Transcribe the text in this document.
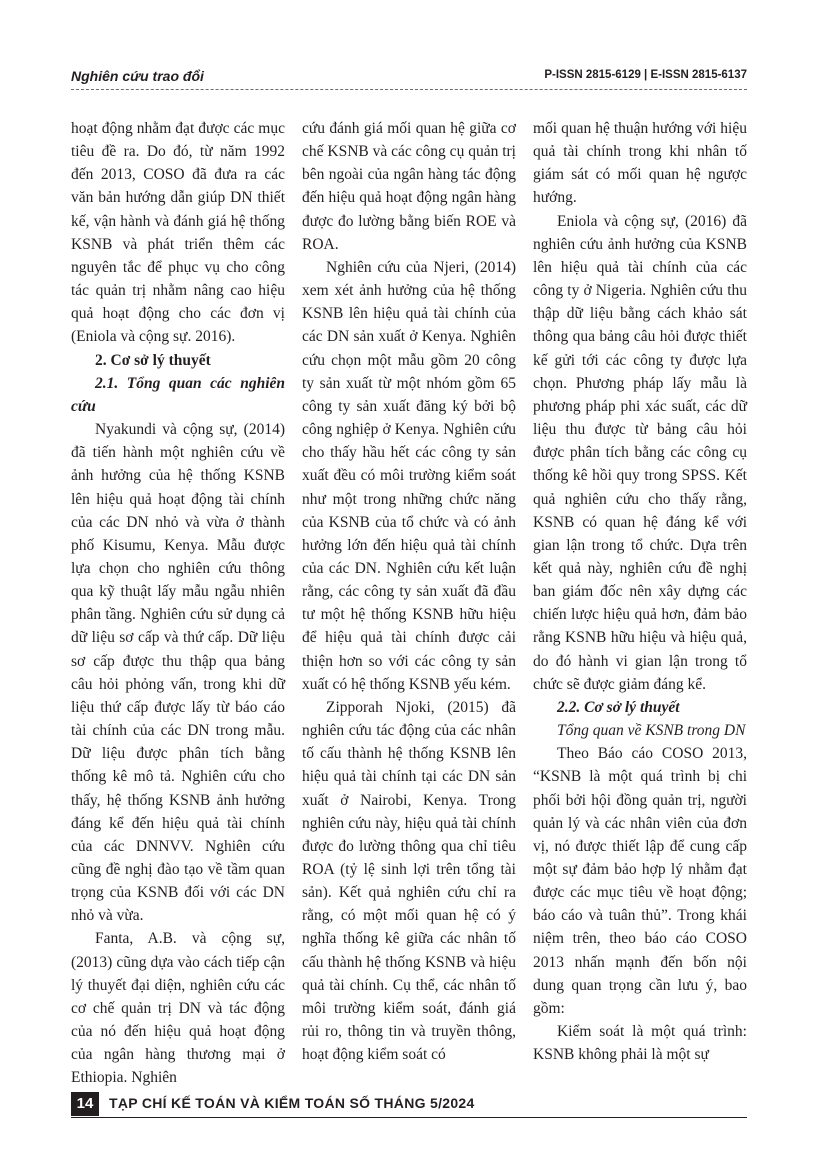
Nghiên cứu trao đổi	P-ISSN 2815-6129 | E-ISSN 2815-6137

hoạt động nhằm đạt được các mục tiêu đề ra. Do đó, từ năm 1992 đến 2013, COSO đã đưa ra các văn bản hướng dẫn giúp DN thiết kế, vận hành và đánh giá hệ thống KSNB và phát triển thêm các nguyên tắc để phục vụ cho công tác quản trị nhằm nâng cao hiệu quả hoạt động cho các đơn vị (Eniola và cộng sự. 2016).

2. Cơ sở lý thuyết

2.1. Tổng quan các nghiên cứu

Nyakundi và cộng sự, (2014) đã tiến hành một nghiên cứu về ảnh hưởng của hệ thống KSNB lên hiệu quả hoạt động tài chính của các DN nhỏ và vừa ở thành phố Kisumu, Kenya. Mẫu được lựa chọn cho nghiên cứu thông qua kỹ thuật lấy mẫu ngẫu nhiên phân tầng. Nghiên cứu sử dụng cả dữ liệu sơ cấp và thứ cấp. Dữ liệu sơ cấp được thu thập qua bảng câu hỏi phỏng vấn, trong khi dữ liệu thứ cấp được lấy từ báo cáo tài chính của các DN trong mẫu. Dữ liệu được phân tích bằng thống kê mô tả. Nghiên cứu cho thấy, hệ thống KSNB ảnh hưởng đáng kể đến hiệu quả tài chính của các DNNVV. Nghiên cứu cũng đề nghị đào tạo về tầm quan trọng của KSNB đối với các DN nhỏ và vừa.

Fanta, A.B. và cộng sự, (2013) cũng dựa vào cách tiếp cận lý thuyết đại diện, nghiên cứu các cơ chế quản trị DN và tác động của nó đến hiệu quả hoạt động của ngân hàng thương mại ở Ethiopia. Nghiên

cứu đánh giá mối quan hệ giữa cơ chế KSNB và các công cụ quản trị bên ngoài của ngân hàng tác động đến hiệu quả hoạt động ngân hàng được đo lường bằng biến ROE và ROA.

Nghiên cứu của Njeri, (2014) xem xét ảnh hưởng của hệ thống KSNB lên hiệu quả tài chính của các DN sản xuất ở Kenya. Nghiên cứu chọn một mẫu gồm 20 công ty sản xuất từ một nhóm gồm 65 công ty sản xuất đăng ký bởi bộ công nghiệp ở Kenya. Nghiên cứu cho thấy hầu hết các công ty sản xuất đều có môi trường kiểm soát như một trong những chức năng của KSNB của tổ chức và có ảnh hưởng lớn đến hiệu quả tài chính của các DN. Nghiên cứu kết luận rằng, các công ty sản xuất đã đầu tư một hệ thống KSNB hữu hiệu để hiệu quả tài chính được cải thiện hơn so với các công ty sản xuất có hệ thống KSNB yếu kém.

Zipporah Njoki, (2015) đã nghiên cứu tác động của các nhân tố cấu thành hệ thống KSNB lên hiệu quả tài chính tại các DN sản xuất ở Nairobi, Kenya. Trong nghiên cứu này, hiệu quả tài chính được đo lường thông qua chỉ tiêu ROA (tỷ lệ sinh lợi trên tổng tài sản). Kết quả nghiên cứu chỉ ra rằng, có một mối quan hệ có ý nghĩa thống kê giữa các nhân tố cấu thành hệ thống KSNB và hiệu quả tài chính. Cụ thể, các nhân tố môi trường kiểm soát, đánh giá rủi ro, thông tin và truyền thông, hoạt động kiểm soát có

mối quan hệ thuận hướng với hiệu quả tài chính trong khi nhân tố giám sát có mối quan hệ ngược hướng.

Eniola và cộng sự, (2016) đã nghiên cứu ảnh hưởng của KSNB lên hiệu quả tài chính của các công ty ở Nigeria. Nghiên cứu thu thập dữ liệu bằng cách khảo sát thông qua bảng câu hỏi được thiết kế gửi tới các công ty được lựa chọn. Phương pháp lấy mẫu là phương pháp phi xác suất, các dữ liệu thu được từ bảng câu hỏi được phân tích bằng các công cụ thống kê hồi quy trong SPSS. Kết quả nghiên cứu cho thấy rằng, KSNB có quan hệ đáng kể với gian lận trong tổ chức. Dựa trên kết quả này, nghiên cứu đề nghị ban giám đốc nên xây dựng các chiến lược hiệu quả hơn, đảm bảo rằng KSNB hữu hiệu và hiệu quả, do đó hành vi gian lận trong tổ chức sẽ được giảm đáng kể.

2.2. Cơ sở lý thuyết

Tổng quan về KSNB trong DN

Theo Báo cáo COSO 2013, “KSNB là một quá trình bị chi phối bởi hội đồng quản trị, người quản lý và các nhân viên của đơn vị, nó được thiết lập để cung cấp một sự đảm bảo hợp lý nhằm đạt được các mục tiêu về hoạt động; báo cáo và tuân thủ”. Trong khái niệm trên, theo báo cáo COSO 2013 nhấn mạnh đến bốn nội dung quan trọng cần lưu ý, bao gồm:

Kiểm soát là một quá trình: KSNB không phải là một sự

14	TẠP CHÍ KẾ TOÁN VÀ KIỂM TOÁN SỐ THÁNG 5/2024
